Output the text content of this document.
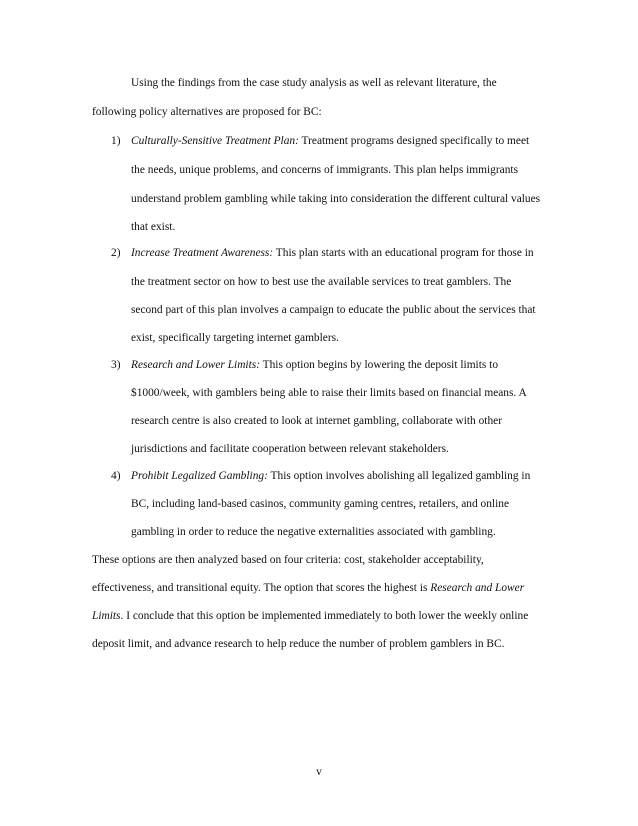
Using the findings from the case study analysis as well as relevant literature, the
following policy alternatives are proposed for BC:
1) Culturally-Sensitive Treatment Plan: Treatment programs designed specifically to meet
the needs, unique problems, and concerns of immigrants. This plan helps immigrants
understand problem gambling while taking into consideration the different cultural values
that exist.
2) Increase Treatment Awareness: This plan starts with an educational program for those in
the treatment sector on how to best use the available services to treat gamblers. The
second part of this plan involves a campaign to educate the public about the services that
exist, specifically targeting internet gamblers.
3) Research and Lower Limits: This option begins by lowering the deposit limits to
$1000/week, with gamblers being able to raise their limits based on financial means. A
research centre is also created to look at internet gambling, collaborate with other
jurisdictions and facilitate cooperation between relevant stakeholders.
4) Prohibit Legalized Gambling: This option involves abolishing all legalized gambling in
BC, including land-based casinos, community gaming centres, retailers, and online
gambling in order to reduce the negative externalities associated with gambling.
These options are then analyzed based on four criteria: cost, stakeholder acceptability,
effectiveness, and transitional equity. The option that scores the highest is Research and Lower
Limits. I conclude that this option be implemented immediately to both lower the weekly online
deposit limit, and advance research to help reduce the number of problem gamblers in BC.
v
